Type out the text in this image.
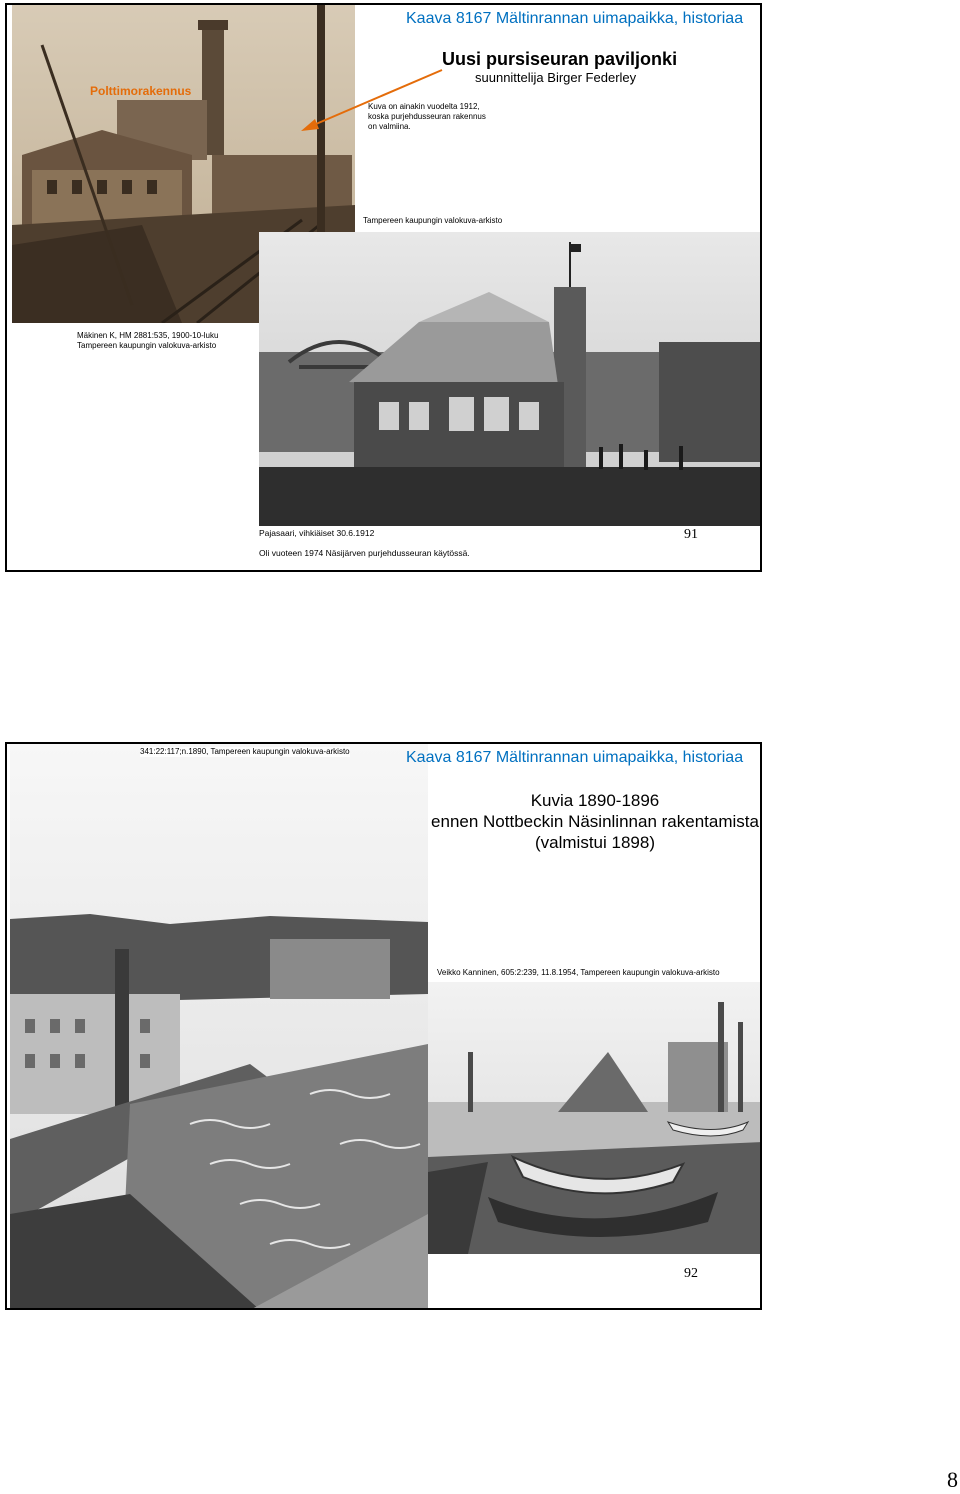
Polttimorakennus
Kaava 8167 Mältinrannan uimapaikka, historiaa
Uusi pursiseuran paviljonki
suunnittelija Birger Federley
Kuva on ainakin vuodelta 1912,
koska purjehdusseuran rakennus
on valmiina.
Tampereen kaupungin valokuva-arkisto
Mäkinen K, HM 2881:535, 1900-10-luku
Tampereen kaupungin valokuva-arkisto
Pajasaari, vihkiäiset 30.6.1912
Oli vuoteen 1974 Näsijärven purjehdusseuran käytössä.
91
341:22:117;n.1890, Tampereen kaupungin valokuva-arkisto	Kaava 8167 Mältinrannan uimapaikka, historiaa
Kuvia 1890-1896
ennen Nottbeckin Näsinlinnan rakentamista
(valmistui 1898)
Veikko Kanninen, 605:2:239, 11.8.1954, Tampereen kaupungin valokuva-arkisto
92
8
